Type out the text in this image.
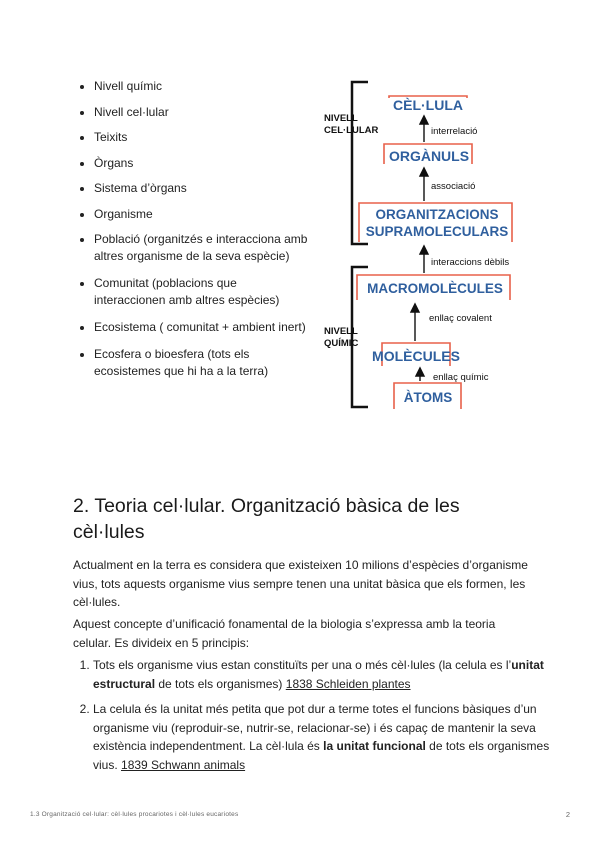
• Nivell químic
• Nivell cel·lular
• Teixits
• Òrgans
• Sistema d’òrgans
• Organisme
• Població (organitzés e interacciona amb altres organisme de la seva espècie)
• Comunitat (poblacions que interaccionen amb altres espècies)
• Ecosistema ( comunitat + ambient inert)
• Ecosfera o bioesfera (tots els ecosistemes que hi ha a la terra)
NIVELL
CEL·LULAR
NIVELL
QUÍMIC
CÈL·LULA
ORGÀNULS
ORGANITZACIONS
SUPRAMOLECULARS
MACROMOLÈCULES
MOLÈCULES
ÀTOMS
interrelació
associació
interaccions dèbils
enllaç covalent
enllaç químic
2. Teoria cel·lular. Organització bàsica de les cèl·lules

Actualment en la terra es considera que existeixen 10 milions d’espècies d’organisme vius, tots aquests organisme vius sempre tenen una unitat bàsica que els formen, les cèl·lules.

Aquest concepte d’unificació fonamental de la biologia s’expressa amb la teoria celular. Es divideix en 5 principis:

1. Tots els organisme vius estan constituïts per una o més cèl·lules (la celula es l’unitat estructural de tots els organismes) 1838 Schleiden plantes
2. La celula és la unitat més petita que pot dur a terme totes el funcions bàsiques d’un organisme viu (reproduir-se, nutrir-se, relacionar-se) i és capaç de mantenir la seva existència independentment. La cèl·lula és la unitat funcional de tots els organismes vius. 1839 Schwann animals
1.3 Organització cel·lular: cèl·lules procariotes i cèl·lules eucariotes	2
